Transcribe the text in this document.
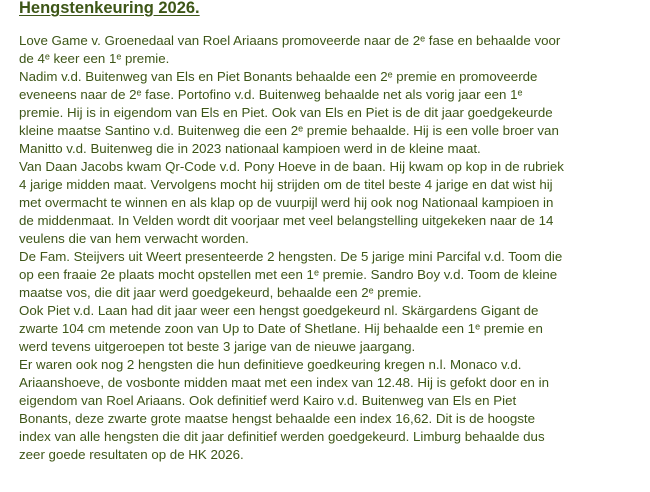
Hengstenkeuring 2026.

Love Game v. Groenedaal van Roel Ariaans promoveerde naar de 2ᵉ fase en behaalde voor
de 4ᵉ keer een 1ᵉ premie.
Nadim v.d. Buitenweg van Els en Piet Bonants behaalde een 2ᵉ premie en promoveerde
eveneens naar de 2ᵉ fase. Portofino v.d. Buitenweg behaalde net als vorig jaar een 1ᵉ
premie. Hij is in eigendom van Els en Piet. Ook van Els en Piet is de dit jaar goedgekeurde
kleine maatse Santino v.d. Buitenweg die een 2ᵉ premie behaalde. Hij is een volle broer van
Manitto v.d. Buitenweg die in 2023 nationaal kampioen werd in de kleine maat.
Van Daan Jacobs kwam Qr-Code v.d. Pony Hoeve in de baan. Hij kwam op kop in de rubriek
4 jarige midden maat. Vervolgens mocht hij strijden om de titel beste 4 jarige en dat wist hij
met overmacht te winnen en als klap op de vuurpijl werd hij ook nog Nationaal kampioen in
de middenmaat. In Velden wordt dit voorjaar met veel belangstelling uitgekeken naar de 14
veulens die van hem verwacht worden.
De Fam. Steijvers uit Weert presenteerde 2 hengsten. De 5 jarige mini Parcifal v.d. Toom die
op een fraaie 2e plaats mocht opstellen met een 1ᵉ premie. Sandro Boy v.d. Toom de kleine
maatse vos, die dit jaar werd goedgekeurd, behaalde een 2ᵉ premie.
Ook Piet v.d. Laan had dit jaar weer een hengst goedgekeurd nl. Skärgardens Gigant de
zwarte 104 cm metende zoon van Up to Date of Shetlane. Hij behaalde een 1ᵉ premie en
werd tevens uitgeroepen tot beste 3 jarige van de nieuwe jaargang.
Er waren ook nog 2 hengsten die hun definitieve goedkeuring kregen n.l. Monaco v.d.
Ariaanshoeve, de vosbonte midden maat met een index van 12.48. Hij is gefokt door en in
eigendom van Roel Ariaans. Ook definitief werd Kairo v.d. Buitenweg van Els en Piet
Bonants, deze zwarte grote maatse hengst behaalde een index 16,62. Dit is de hoogste
index van alle hengsten die dit jaar definitief werden goedgekeurd. Limburg behaalde dus
zeer goede resultaten op de HK 2026.
